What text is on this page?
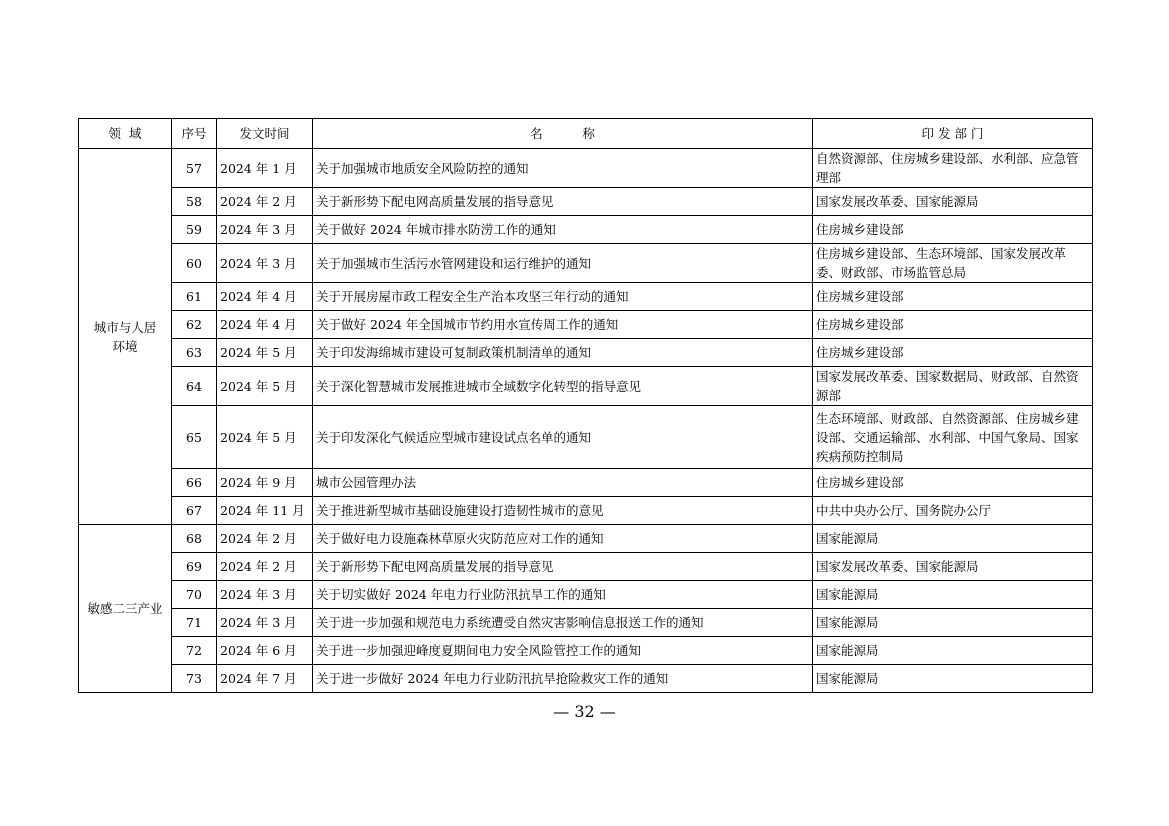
领  域	序号	发文时间	名          称	印 发 部 门
城市与人居环境	57	2024 年 1 月	关于加强城市地质安全风险防控的通知	自然资源部、住房城乡建设部、水利部、应急管理部
	58	2024 年 2 月	关于新形势下配电网高质量发展的指导意见	国家发展改革委、国家能源局
	59	2024 年 3 月	关于做好 2024 年城市排水防涝工作的通知	住房城乡建设部
	60	2024 年 3 月	关于加强城市生活污水管网建设和运行维护的通知	住房城乡建设部、生态环境部、国家发展改革委、财政部、市场监管总局
	61	2024 年 4 月	关于开展房屋市政工程安全生产治本攻坚三年行动的通知	住房城乡建设部
	62	2024 年 4 月	关于做好 2024 年全国城市节约用水宣传周工作的通知	住房城乡建设部
	63	2024 年 5 月	关于印发海绵城市建设可复制政策机制清单的通知	住房城乡建设部
	64	2024 年 5 月	关于深化智慧城市发展推进城市全域数字化转型的指导意见	国家发展改革委、国家数据局、财政部、自然资源部
	65	2024 年 5 月	关于印发深化气候适应型城市建设试点名单的通知	生态环境部、财政部、自然资源部、住房城乡建设部、交通运输部、水利部、中国气象局、国家疾病预防控制局
	66	2024 年 9 月	城市公园管理办法	住房城乡建设部
	67	2024 年 11 月	关于推进新型城市基础设施建设打造韧性城市的意见	中共中央办公厅、国务院办公厅
敏感二三产业	68	2024 年 2 月	关于做好电力设施森林草原火灾防范应对工作的通知	国家能源局
	69	2024 年 2 月	关于新形势下配电网高质量发展的指导意见	国家发展改革委、国家能源局
	70	2024 年 3 月	关于切实做好 2024 年电力行业防汛抗旱工作的通知	国家能源局
	71	2024 年 3 月	关于进一步加强和规范电力系统遭受自然灾害影响信息报送工作的通知	国家能源局
	72	2024 年 6 月	关于进一步加强迎峰度夏期间电力安全风险管控工作的通知	国家能源局
	73	2024 年 7 月	关于进一步做好 2024 年电力行业防汛抗旱抢险救灾工作的通知	国家能源局
— 32 —
